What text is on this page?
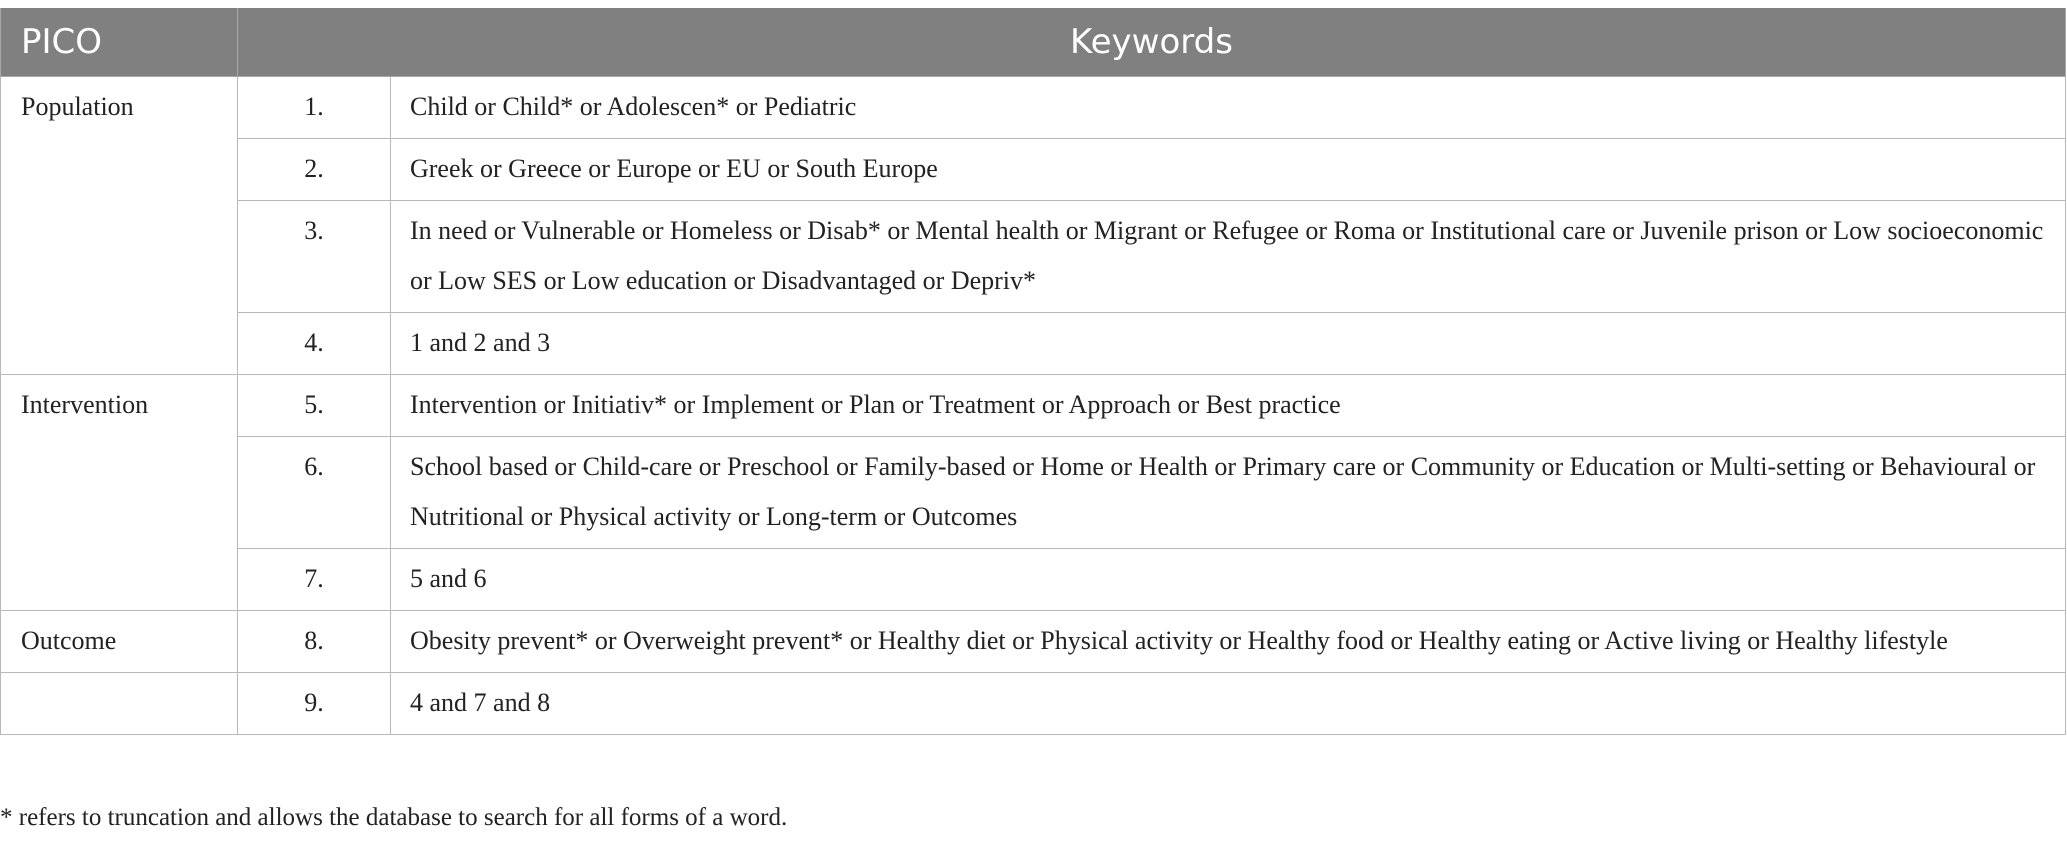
PICO	Keywords	
Population	1.	Child or Child* or Adolescen* or Pediatric
	2.	Greek or Greece or Europe or EU or South Europe
	3.	In need or Vulnerable or Homeless or Disab* or Mental health or Migrant or Refugee or Roma or Institutional care or Juvenile prison or Low socioeconomic or Low SES or Low education or Disadvantaged or Depriv*
	4.	1 and 2 and 3
Intervention	5.	Intervention or Initiativ* or Implement or Plan or Treatment or Approach or Best practice
	6.	School based or Child-care or Preschool or Family-based or Home or Health or Primary care or Community or Education or Multi-setting or Behavioural or Nutritional or Physical activity or Long-term or Outcomes
	7.	5 and 6
Outcome	8.	Obesity prevent* or Overweight prevent* or Healthy diet or Physical activity or Healthy food or Healthy eating or Active living or Healthy lifestyle
	9.	4 and 7 and 8
* refers to truncation and allows the database to search for all forms of a word.
